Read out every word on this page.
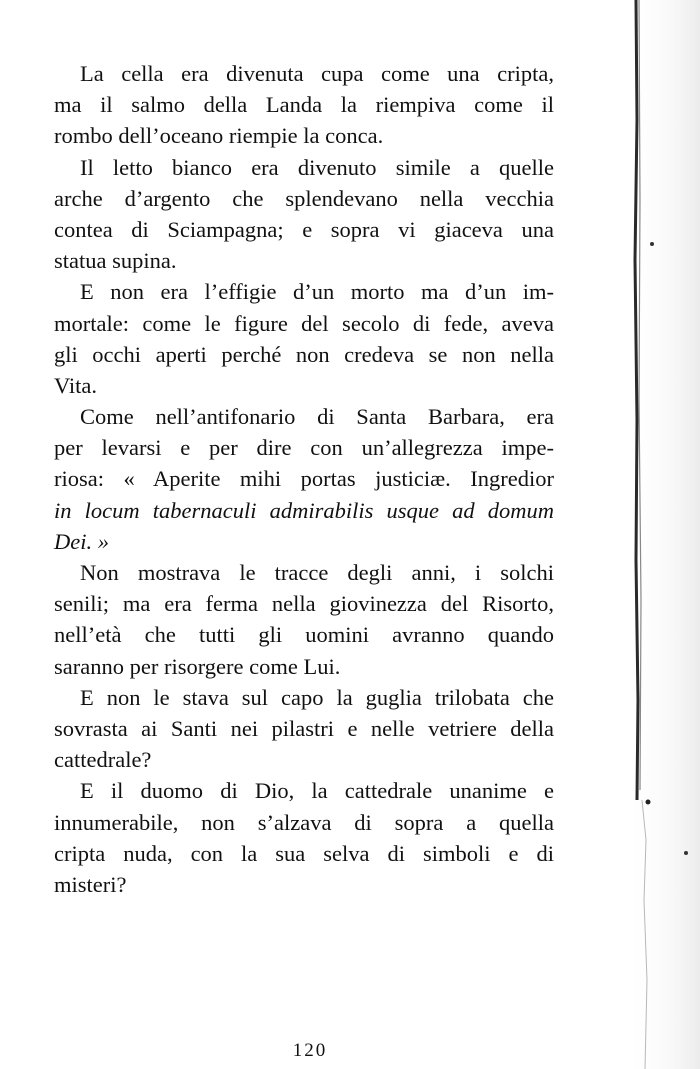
La cella era divenuta cupa come una cripta,
ma il salmo della Landa la riempiva come il
rombo dell’oceano riempie la conca.
Il letto bianco era divenuto simile a quelle
arche d’argento che splendevano nella vecchia
contea di Sciampagna; e sopra vi giaceva una
statua supina.
E non era l’effigie d’un morto ma d’un im-
mortale: come le figure del secolo di fede, aveva
gli occhi aperti perché non credeva se non nella
Vita.
Come nell’antifonario di Santa Barbara, era
per levarsi e per dire con un’allegrezza impe-
riosa: « Aperite mihi portas justiciæ. Ingredior
in locum tabernaculi admirabilis usque ad domum
Dei. »
Non mostrava le tracce degli anni, i solchi
senili; ma era ferma nella giovinezza del Risorto,
nell’età che tutti gli uomini avranno quando
saranno per risorgere come Lui.
E non le stava sul capo la guglia trilobata che
sovrasta ai Santi nei pilastri e nelle vetriere della
cattedrale?
E il duomo di Dio, la cattedrale unanime e
innumerabile, non s’alzava di sopra a quella
cripta nuda, con la sua selva di simboli e di
misteri?
120
